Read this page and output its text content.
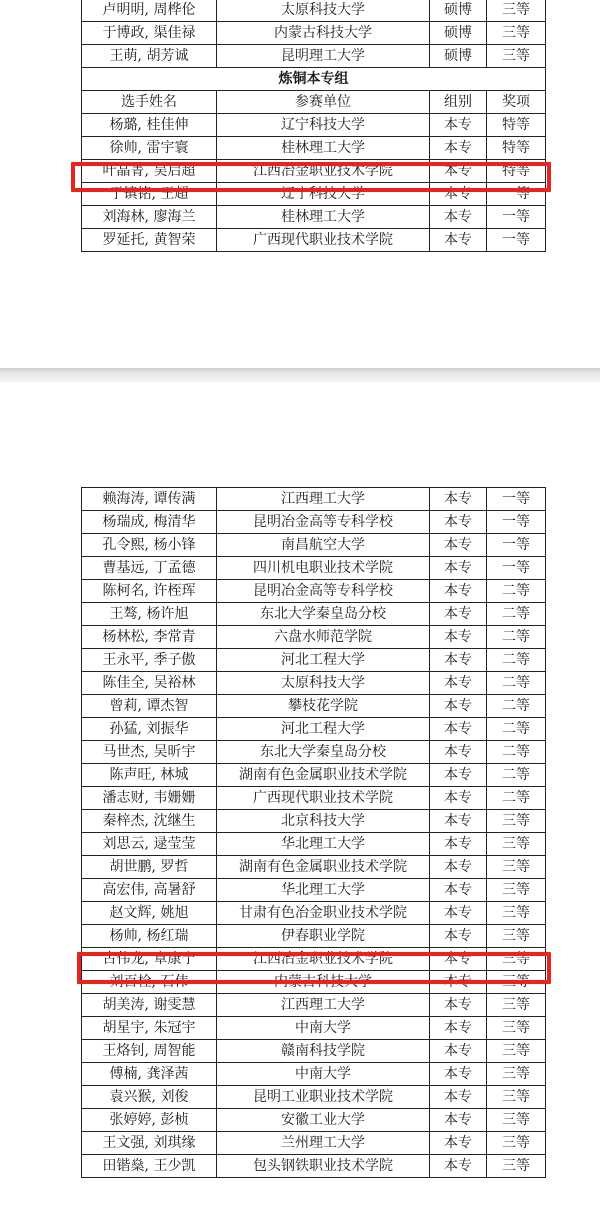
卢明明, 周桦伦	太原科技大学	硕博	三等
于博政, 渠佳禄	内蒙古科技大学	硕博	三等
王萌, 胡芳诚	昆明理工大学	硕博	三等
炼铜本专组			
选手姓名	参赛单位	组别	奖项
杨璐, 桂佳伸	辽宁科技大学	本专	特等
徐帅, 雷宇寰	桂林理工大学	本专	特等
叶晶菁, 吴启超	江西冶金职业技术学院	本专	特等
于镇铭, 王超	辽宁科技大学	本专	一等
刘海林, 廖海兰	桂林理工大学	本专	一等
罗延托, 黄智荣	广西现代职业技术学院	本专	一等
赖海涛, 谭传满	江西理工大学	本专	一等
杨瑞成, 梅清华	昆明冶金高等专科学校	本专	一等
孔令熙, 杨小锋	南昌航空大学	本专	一等
曹基远, 丁孟德	四川机电职业技术学院	本专	一等
陈柯名, 许桎珲	昆明冶金高等专科学校	本专	二等
王骜, 杨许旭	东北大学秦皇岛分校	本专	二等
杨林松, 李常青	六盘水师范学院	本专	二等
王永平, 季子傲	河北工程大学	本专	二等
陈佳全, 吴裕林	太原科技大学	本专	二等
曾莉, 谭杰智	攀枝花学院	本专	二等
孙猛, 刘振华	河北工程大学	本专	二等
马世杰, 吴昕宇	东北大学秦皇岛分校	本专	二等
陈声旺, 林城	湖南有色金属职业技术学院	本专	二等
潘志财, 韦姗姗	广西现代职业技术学院	本专	二等
秦梓杰, 沈继生	北京科技大学	本专	三等
刘思云, 逯莹莹	华北理工大学	本专	三等
胡世鹏, 罗哲	湖南有色金属职业技术学院	本专	三等
高宏伟, 高暑舒	华北理工大学	本专	三等
赵文辉, 姚旭	甘肃有色冶金职业技术学院	本专	三等
杨帅, 杨红瑞	伊春职业学院	本专	三等
古伟龙, 章康宁	江西冶金职业技术学院	本专	三等
刘百栓, 石伟	内蒙古科技大学	本专	三等
胡美涛, 谢雯慧	江西理工大学	本专	三等
胡星宇, 朱冠宇	中南大学	本专	三等
王烙钊, 周智能	赣南科技学院	本专	三等
傅楠, 龚泽茜	中南大学	本专	三等
袁兴猴, 刘俊	昆明工业职业技术学院	本专	三等
张婷婷, 彭桢	安徽工业大学	本专	三等
王文强, 刘琪缘	兰州理工大学	本专	三等
田锴燊, 王少凯	包头钢铁职业技术学院	本专	三等
